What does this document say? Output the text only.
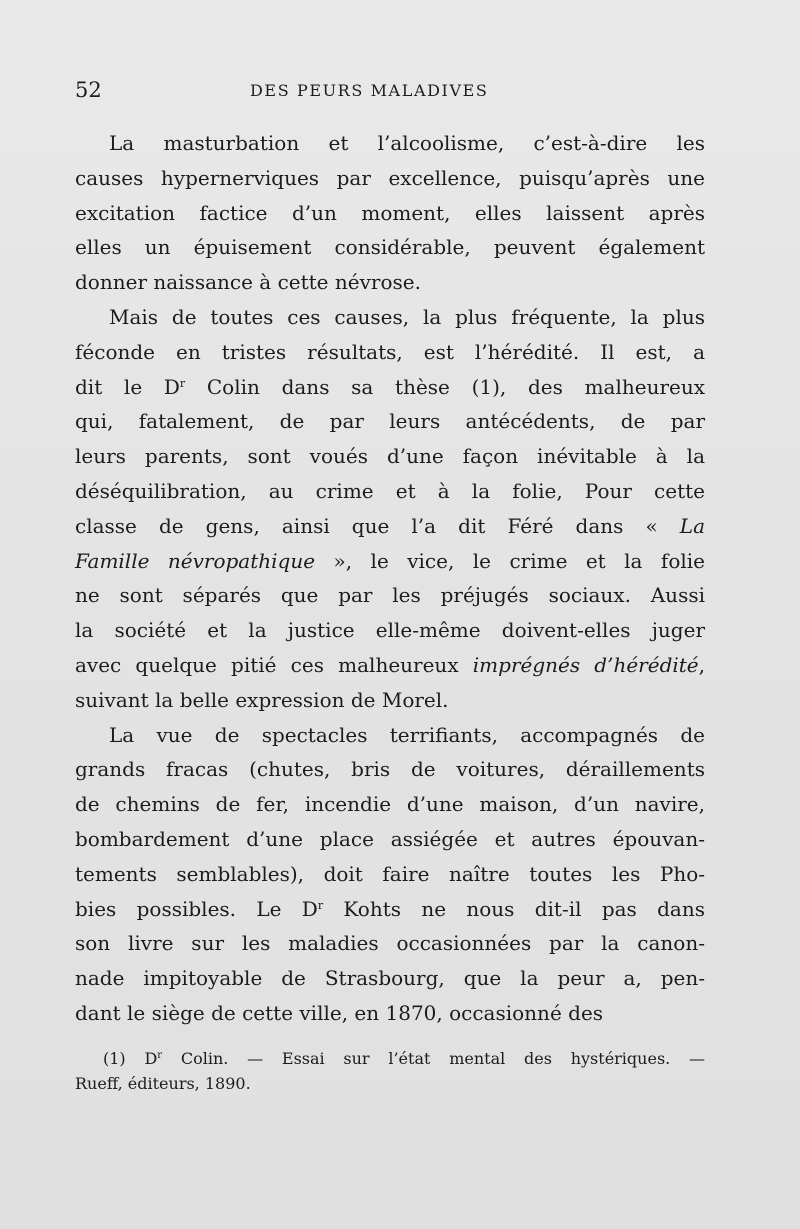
52	DES PEURS MALADIVES
La masturbation et l’alcoolisme, c’est-à-dire les
causes hypernerviques par excellence, puisqu’après une
excitation factice d’un moment, elles laissent après
elles un épuisement considérable, peuvent également
donner naissance à cette névrose.
Mais de toutes ces causes, la plus fréquente, la plus
féconde en tristes résultats, est l’hérédité. Il est, a
dit le $D^r$ Colin dans sa thèse (1), des malheureux
qui, fatalement, de par leurs antécédents, de par
leurs parents, sont voués d’une façon inévitable à la
déséquilibration, au crime et à la folie, Pour cette
classe de gens, ainsi que l’a dit Féré dans « La
Famille névropathique », le vice, le crime et la folie
ne sont séparés que par les préjugés sociaux. Aussi
la société et la justice elle-même doivent-elles juger
avec quelque pitié ces malheureux imprégnés d’hérédité,
suivant la belle expression de Morel.
La vue de spectacles terrifiants, accompagnés de
grands fracas (chutes, bris de voitures, déraillements
de chemins de fer, incendie d’une maison, d’un navire,
bombardement d’une place assiégée et autres épouvan-
tements semblables), doit faire naître toutes les Pho-
bies possibles. Le $D^r$ Kohts ne nous dit-il pas dans
son livre sur les maladies occasionnées par la canon-
nade impitoyable de Strasbourg, que la peur a, pen-
dant le siège de cette ville, en 1870, occasionné des
(1) $D^r$ Colin. — Essai sur l’état mental des hystériques. —
Rueff, éditeurs, 1890.
